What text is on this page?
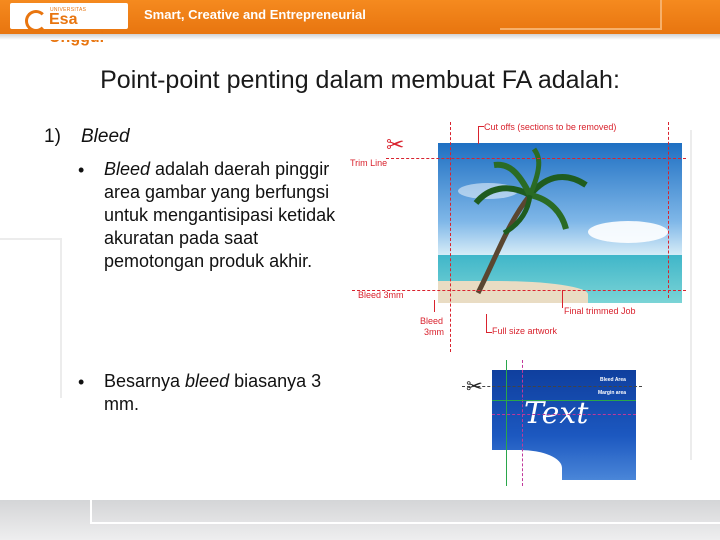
UNIVERSITAS
Esa	Smart, Creative and Entrepreneurial
Point-point penting dalam membuat FA adalah:
1) Bleed
• Bleed adalah daerah pinggir area gambar yang berfungsi untuk mengantisipasi ketidak akuratan pada saat pemotongan produk akhir.
• Besarnya bleed biasanya 3 mm.
✂
Cut offs (sections to be removed)
Trim Line
Bleed 3mm
Bleed
3mm
Final trimmed Job
Full size artwork
Text
Bleed Area
Margin area
✂
